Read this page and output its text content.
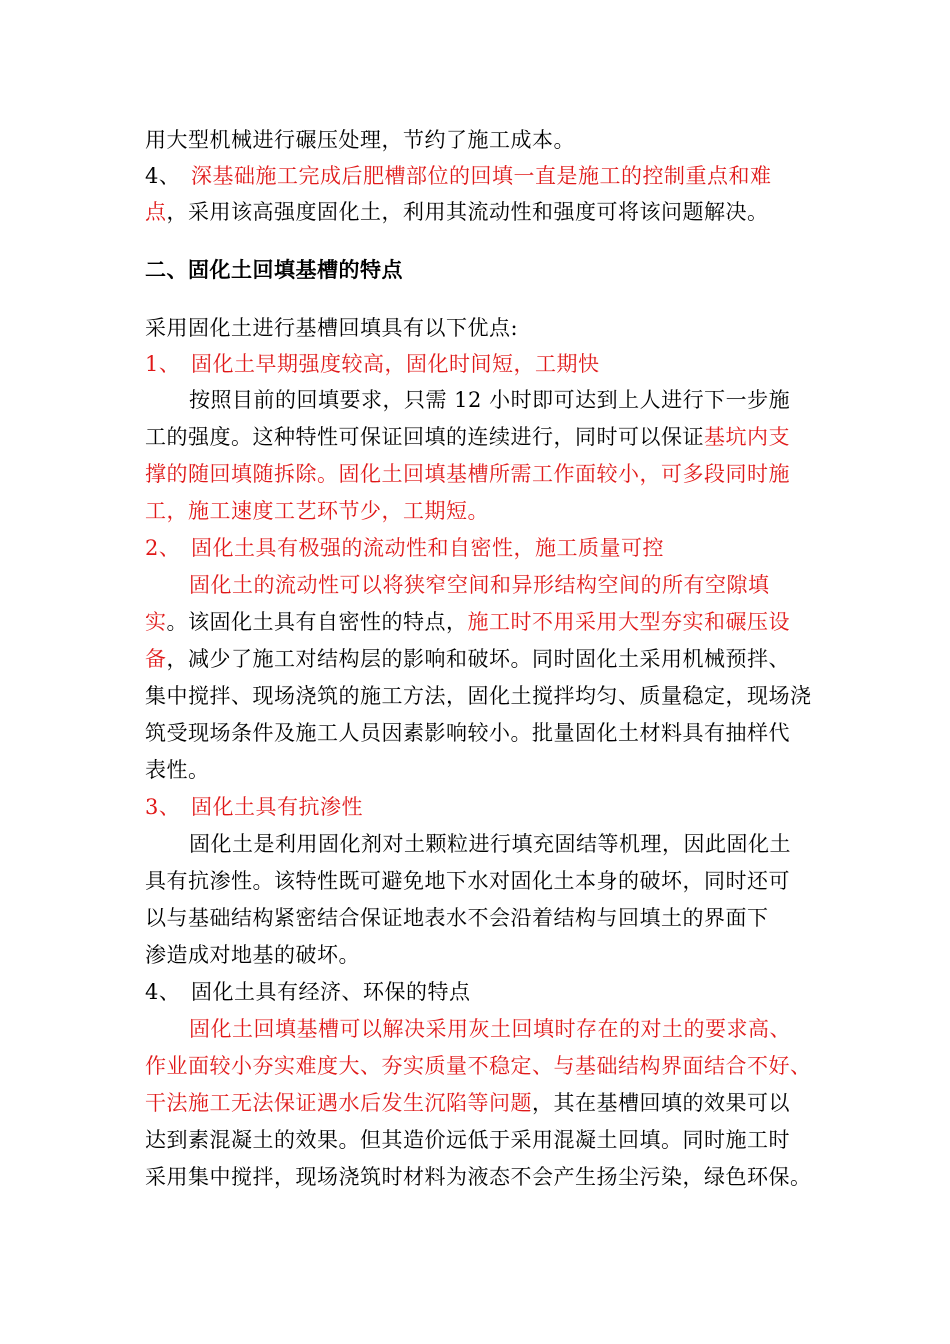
用大型机械进行碾压处理，节约了施工成本。
4、 深基础施工完成后肥槽部位的回填一直是施工的控制重点和难
点，采用该高强度固化土，利用其流动性和强度可将该问题解决。
二、固化土回填基槽的特点
采用固化土进行基槽回填具有以下优点:
1、 固化土早期强度较高，固化时间短，工期快
按照目前的回填要求，只需 12 小时即可达到上人进行下一步施
工的强度。这种特性可保证回填的连续进行，同时可以保证基坑内支
撑的随回填随拆除。固化土回填基槽所需工作面较小，可多段同时施
工，施工速度工艺环节少，工期短。
2、 固化土具有极强的流动性和自密性，施工质量可控
固化土的流动性可以将狭窄空间和异形结构空间的所有空隙填
实。该固化土具有自密性的特点，施工时不用采用大型夯实和碾压设
备，减少了施工对结构层的影响和破坏。同时固化土采用机械预拌、
集中搅拌、现场浇筑的施工方法，固化土搅拌均匀、质量稳定，现场浇
筑受现场条件及施工人员因素影响较小。批量固化土材料具有抽样代
表性。
3、 固化土具有抗渗性
固化土是利用固化剂对土颗粒进行填充固结等机理，因此固化土
具有抗渗性。该特性既可避免地下水对固化土本身的破坏，同时还可
以与基础结构紧密结合保证地表水不会沿着结构与回填土的界面下
渗造成对地基的破坏。
4、 固化土具有经济、环保的特点
固化土回填基槽可以解决采用灰土回填时存在的对土的要求高、
作业面较小夯实难度大、夯实质量不稳定、与基础结构界面结合不好、
干法施工无法保证遇水后发生沉陷等问题，其在基槽回填的效果可以
达到素混凝土的效果。但其造价远低于采用混凝土回填。同时施工时
采用集中搅拌，现场浇筑时材料为液态不会产生扬尘污染，绿色环保。
